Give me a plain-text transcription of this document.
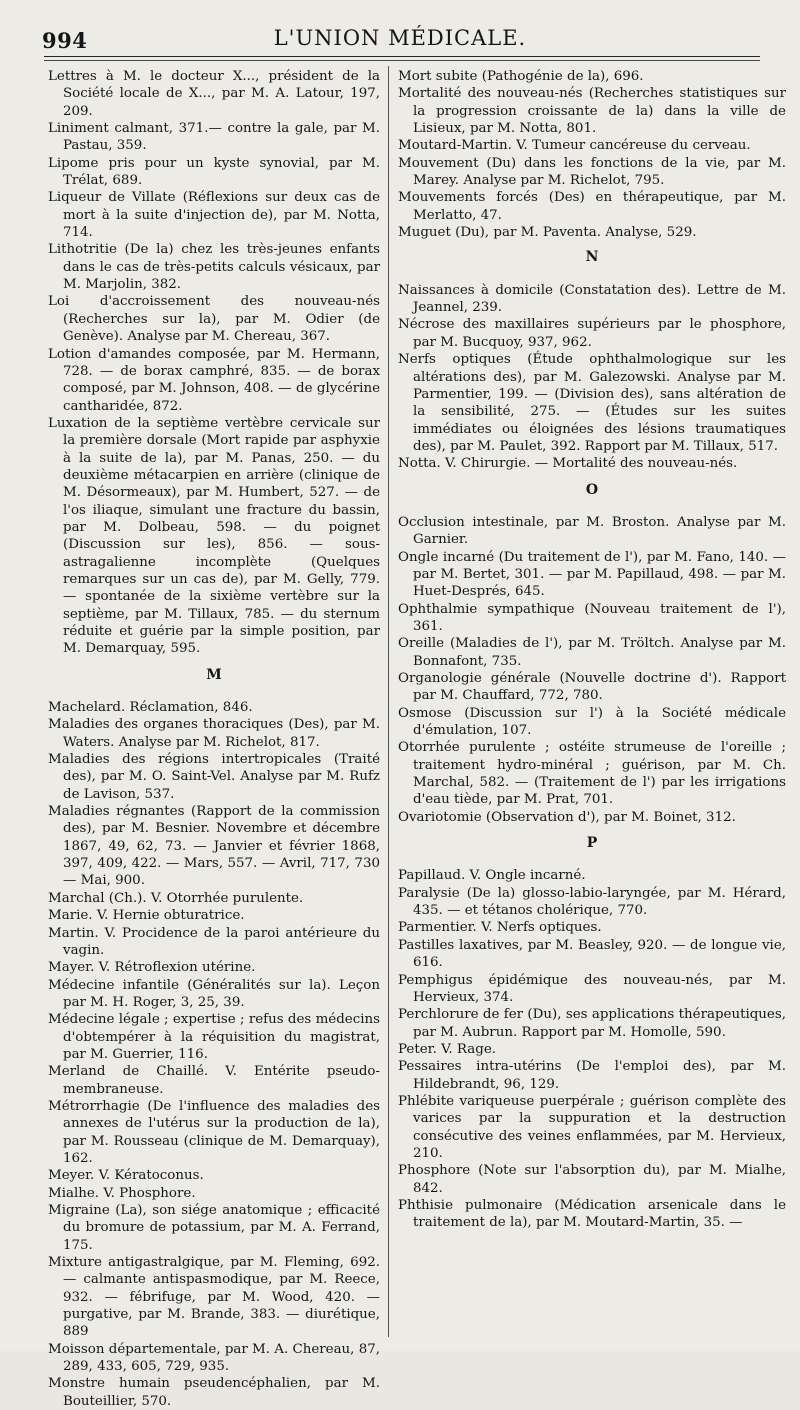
994	L'UNION MÉDICALE.

Lettres à M. le docteur X..., président de la Société locale de X..., par M. A. Latour, 197, 209.

Liniment calmant, 371.— contre la gale, par M. Pastau, 359.

Lipome pris pour un kyste synovial, par M. Trélat, 689.

Liqueur de Villate (Réflexions sur deux cas de mort à la suite d'injection de), par M. Notta, 714.

Lithotritie (De la) chez les très-jeunes enfants dans le cas de très-petits calculs vésicaux, par M. Marjolin, 382.

Loi d'accroissement des nouveau-nés (Recherches sur la), par M. Odier (de Genève). Analyse par M. Chereau, 367.

Lotion d'amandes composée, par M. Hermann, 728. — de borax camphré, 835. — de borax composé, par M. Johnson, 408. — de glycérine cantharidée, 872.

Luxation de la septième vertèbre cervicale sur la première dorsale (Mort rapide par asphyxie à la suite de la), par M. Panas, 250. — du deuxième métacarpien en arrière (clinique de M. Désormeaux), par M. Humbert, 527. — de l'os iliaque, simulant une fracture du bassin, par M. Dolbeau, 598. — du poignet (Discussion sur les), 856. — sous-astragalienne incomplète (Quelques remarques sur un cas de), par M. Gelly, 779. — spontanée de la sixième vertèbre sur la septième, par M. Tillaux, 785. — du sternum réduite et guérie par la simple position, par M. Demarquay, 595.

M

Machelard. Réclamation, 846.

Maladies des organes thoraciques (Des), par M. Waters. Analyse par M. Richelot, 817.

Maladies des régions intertropicales (Traité des), par M. O. Saint-Vel. Analyse par M. Rufz de Lavison, 537.

Maladies régnantes (Rapport de la commission des), par M. Besnier. Novembre et décembre 1867, 49, 62, 73. — Janvier et février 1868, 397, 409, 422. — Mars, 557. — Avril, 717, 730 — Mai, 900.

Marchal (Ch.). V. Otorrhée purulente.

Marie. V. Hernie obturatrice.

Martin. V. Procidence de la paroi antérieure du vagin.

Mayer. V. Rétroflexion utérine.

Médecine infantile (Généralités sur la). Leçon par M. H. Roger, 3, 25, 39.

Médecine légale ; expertise ; refus des médecins d'obtempérer à la réquisition du magistrat, par M. Guerrier, 116.

Merland de Chaillé. V. Entérite pseudo-membraneuse.

Métrorrhagie (De l'influence des maladies des annexes de l'utérus sur la production de la), par M. Rousseau (clinique de M. Demarquay), 162.

Meyer. V. Kératoconus.

Mialhe. V. Phosphore.

Migraine (La), son siége anatomique ; efficacité du bromure de potassium, par M. A. Ferrand, 175.

Mixture antigastralgique, par M. Fleming, 692. — calmante antispasmodique, par M. Reece, 932. — fébrifuge, par M. Wood, 420. — purgative, par M. Brande, 383. — diurétique, 889

Moisson départementale, par M. A. Chereau, 87, 289, 433, 605, 729, 935.

Monstre humain pseudencéphalien, par M. Bouteillier, 570.

Mort subite (Pathogénie de la), 696.

Mortalité des nouveau-nés (Recherches statistiques sur la progression croissante de la) dans la ville de Lisieux, par M. Notta, 801.

Moutard-Martin. V. Tumeur cancéreuse du cerveau.

Mouvement (Du) dans les fonctions de la vie, par M. Marey. Analyse par M. Richelot, 795.

Mouvements forcés (Des) en thérapeutique, par M. Merlatto, 47.

Muguet (Du), par M. Paventa. Analyse, 529.

N

Naissances à domicile (Constatation des). Lettre de M. Jeannel, 239.

Nécrose des maxillaires supérieurs par le phosphore, par M. Bucquoy, 937, 962.

Nerfs optiques (Étude ophthalmologique sur les altérations des), par M. Galezowski. Analyse par M. Parmentier, 199. — (Division des), sans altération de la sensibilité, 275. — (Études sur les suites immédiates ou éloignées des lésions traumatiques des), par M. Paulet, 392. Rapport par M. Tillaux, 517.

Notta. V. Chirurgie. — Mortalité des nouveau-nés.

O

Occlusion intestinale, par M. Broston. Analyse par M. Garnier.

Ongle incarné (Du traitement de l'), par M. Fano, 140. — par M. Bertet, 301. — par M. Papillaud, 498. — par M. Huet-Després, 645.

Ophthalmie sympathique (Nouveau traitement de l'), 361.

Oreille (Maladies de l'), par M. Tröltch. Analyse par M. Bonnafont, 735.

Organologie générale (Nouvelle doctrine d'). Rapport par M. Chauffard, 772, 780.

Osmose (Discussion sur l') à la Société médicale d'émulation, 107.

Otorrhée purulente ; ostéite strumeuse de l'oreille ; traitement hydro-minéral ; guérison, par M. Ch. Marchal, 582. — (Traitement de l') par les irrigations d'eau tiède, par M. Prat, 701.

Ovariotomie (Observation d'), par M. Boinet, 312.

P

Papillaud. V. Ongle incarné.

Paralysie (De la) glosso-labio-laryngée, par M. Hérard, 435. — et tétanos cholérique, 770.

Parmentier. V. Nerfs optiques.

Pastilles laxatives, par M. Beasley, 920. — de longue vie, 616.

Pemphigus épidémique des nouveau-nés, par M. Hervieux, 374.

Perchlorure de fer (Du), ses applications thérapeutiques, par M. Aubrun. Rapport par M. Homolle, 590.

Peter. V. Rage.

Pessaires intra-utérins (De l'emploi des), par M. Hildebrandt, 96, 129.

Phlébite variqueuse puerpérale ; guérison complète des varices par la suppuration et la destruction consécutive des veines enflammées, par M. Hervieux, 210.

Phosphore (Note sur l'absorption du), par M. Mialhe, 842.

Phthisie pulmonaire (Médication arsenicale dans le traitement de la), par M. Moutard-Martin, 35. —
